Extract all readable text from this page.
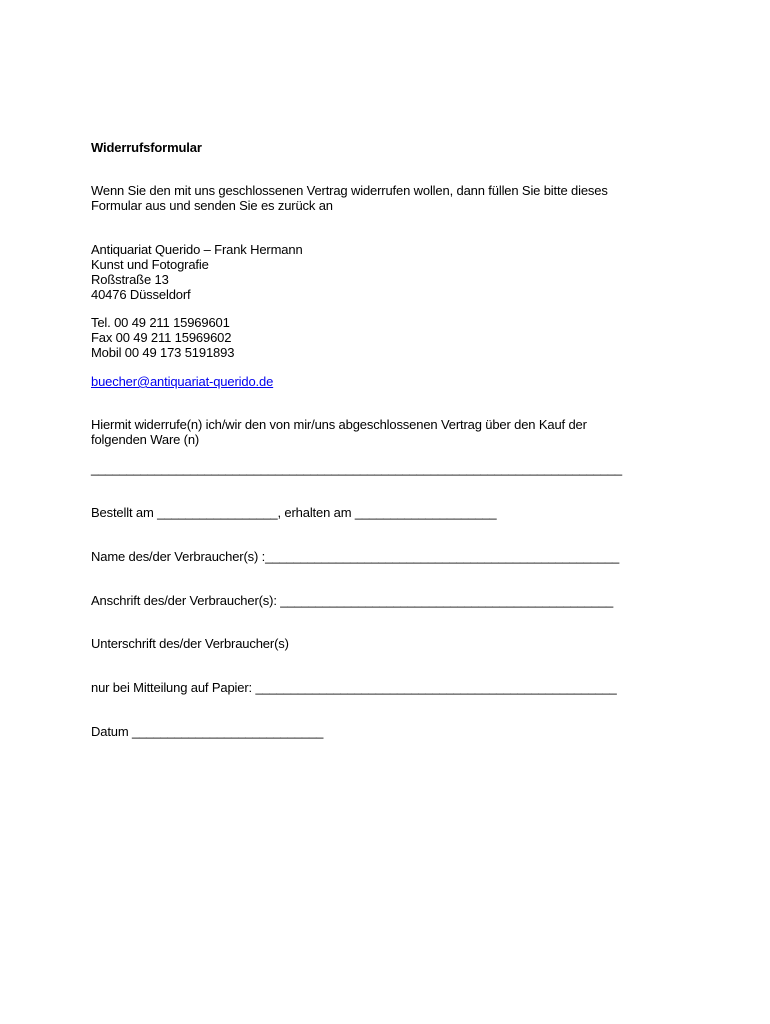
Widerrufsformular
Wenn Sie den mit uns geschlossenen Vertrag widerrufen wollen, dann füllen Sie bitte dieses
Formular aus und senden Sie es zurück an
Antiquariat Querido – Frank Hermann
Kunst und Fotografie
Roßstraße 13
40476 Düsseldorf
Tel. 00 49 211 15969601
Fax 00 49 211 15969602
Mobil 00 49 173 5191893
buecher@antiquariat-querido.de
Hiermit widerrufe(n) ich/wir den von mir/uns abgeschlossenen Vertrag über den Kauf der
folgenden Ware (n)
___________________________________________________________________________
Bestellt am _________________, erhalten am ____________________
Name des/der Verbraucher(s) :__________________________________________________
Anschrift des/der Verbraucher(s): _______________________________________________
Unterschrift des/der Verbraucher(s)
nur bei Mitteilung auf Papier: ___________________________________________________
Datum ___________________________
